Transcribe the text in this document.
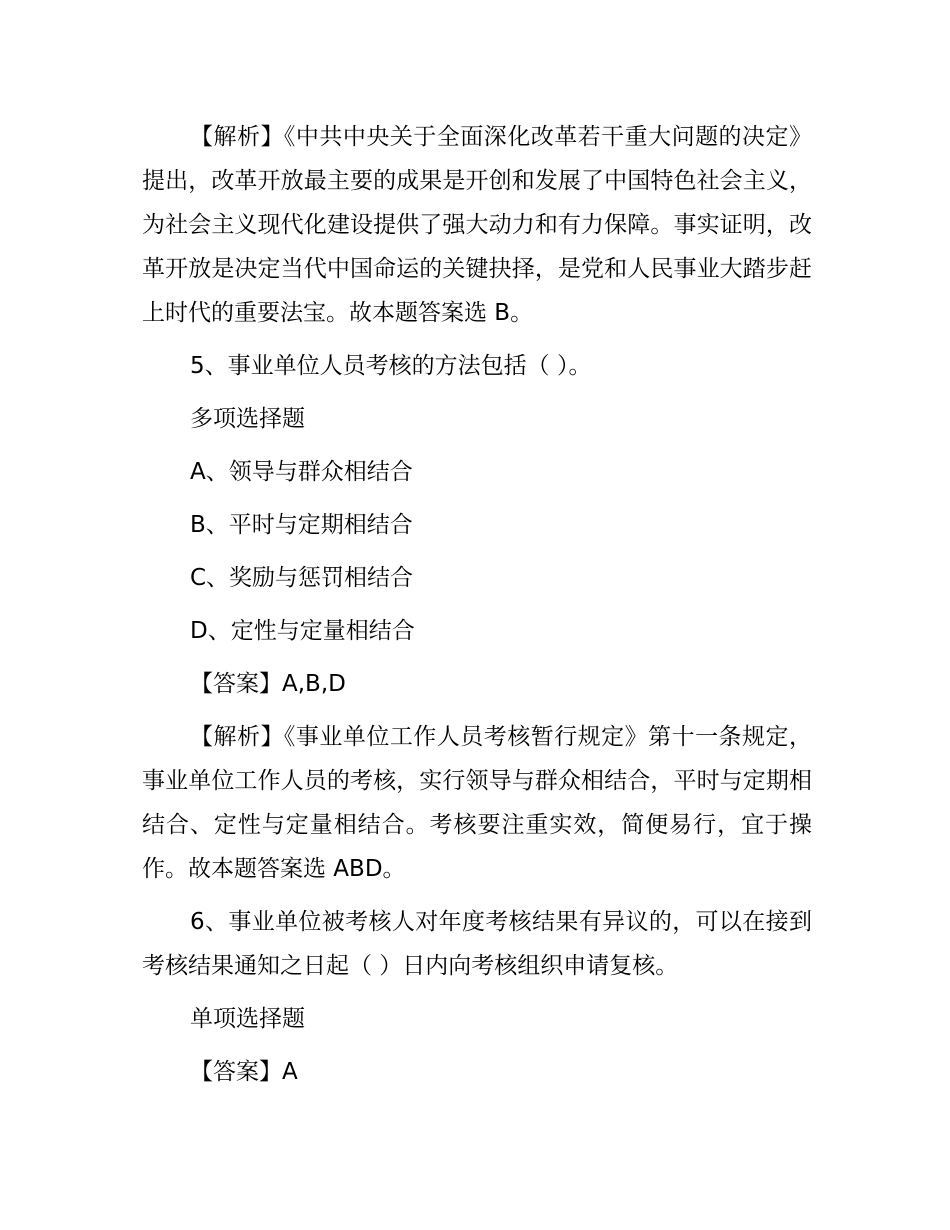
【解析】《中共中央关于全面深化改革若干重大问题的决定》提出，改革开放最主要的成果是开创和发展了中国特色社会主义，为社会主义现代化建设提供了强大动力和有力保障。事实证明，改革开放是决定当代中国命运的关键抉择，是党和人民事业大踏步赶上时代的重要法宝。故本题答案选 B。

5、事业单位人员考核的方法包括（ ）。

多项选择题

A、领导与群众相结合

B、平时与定期相结合

C、奖励与惩罚相结合

D、定性与定量相结合

【答案】A,B,D

【解析】《事业单位工作人员考核暂行规定》第十一条规定，事业单位工作人员的考核，实行领导与群众相结合，平时与定期相结合、定性与定量相结合。考核要注重实效，简便易行，宜于操作。故本题答案选 ABD。

6、事业单位被考核人对年度考核结果有异议的，可以在接到考核结果通知之日起（ ）日内向考核组织申请复核。

单项选择题

【答案】A
